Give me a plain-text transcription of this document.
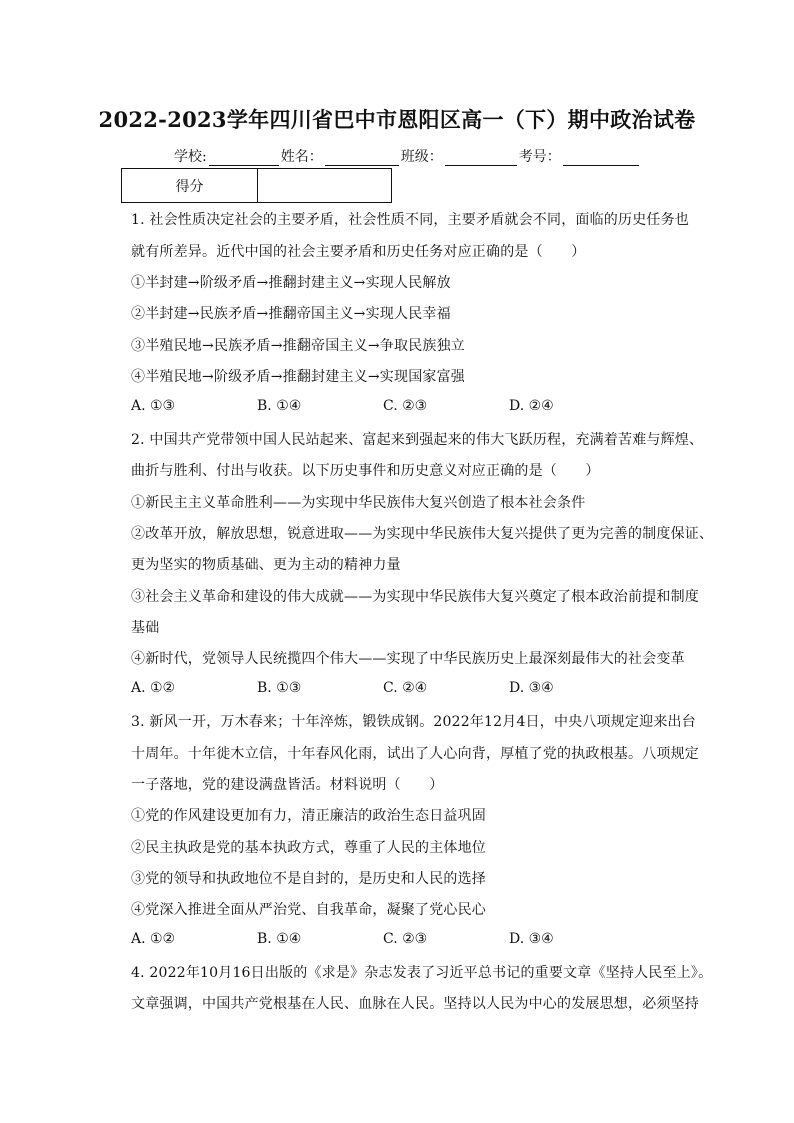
2022-2023学年四川省巴中市恩阳区高一（下）期中政治试卷
学校:	姓名：	班级：	考号：
得分	
1. 社会性质决定社会的主要矛盾，社会性质不同，主要矛盾就会不同，面临的历史任务也
就有所差异。近代中国的社会主要矛盾和历史任务对应正确的是（　　）
①半封建→阶级矛盾→推翻封建主义→实现人民解放
②半封建→民族矛盾→推翻帝国主义→实现人民幸福
③半殖民地→民族矛盾→推翻帝国主义→争取民族独立
④半殖民地→阶级矛盾→推翻封建主义→实现国家富强
A. ①③	B. ①④	C. ②③	D. ②④
2. 中国共产党带领中国人民站起来、富起来到强起来的伟大飞跃历程，充满着苦难与辉煌、
曲折与胜利、付出与收获。以下历史事件和历史意义对应正确的是（　　）
①新民主主义革命胜利——为实现中华民族伟大复兴创造了根本社会条件
②改革开放，解放思想，锐意进取——为实现中华民族伟大复兴提供了更为完善的制度保证、
更为坚实的物质基础、更为主动的精神力量
③社会主义革命和建设的伟大成就——为实现中华民族伟大复兴奠定了根本政治前提和制度
基础
④新时代，党领导人民统揽四个伟大——实现了中华民族历史上最深刻最伟大的社会变革
A. ①②	B. ①③	C. ②④	D. ③④
3. 新风一开，万木春来；十年淬炼，锻铁成钢。2022年12月4日，中央八项规定迎来出台
十周年。十年徙木立信，十年春风化雨，试出了人心向背，厚植了党的执政根基。八项规定
一子落地，党的建设满盘皆活。材料说明（　　）
①党的作风建设更加有力，清正廉洁的政治生态日益巩固
②民主执政是党的基本执政方式，尊重了人民的主体地位
③党的领导和执政地位不是自封的，是历史和人民的选择
④党深入推进全面从严治党、自我革命，凝聚了党心民心
A. ①②	B. ①④	C. ②③	D. ③④
4. 2022年10月16日出版的《求是》杂志发表了习近平总书记的重要文章《坚持人民至上》。
文章强调，中国共产党根基在人民、血脉在人民。坚持以人民为中心的发展思想，必须坚持
